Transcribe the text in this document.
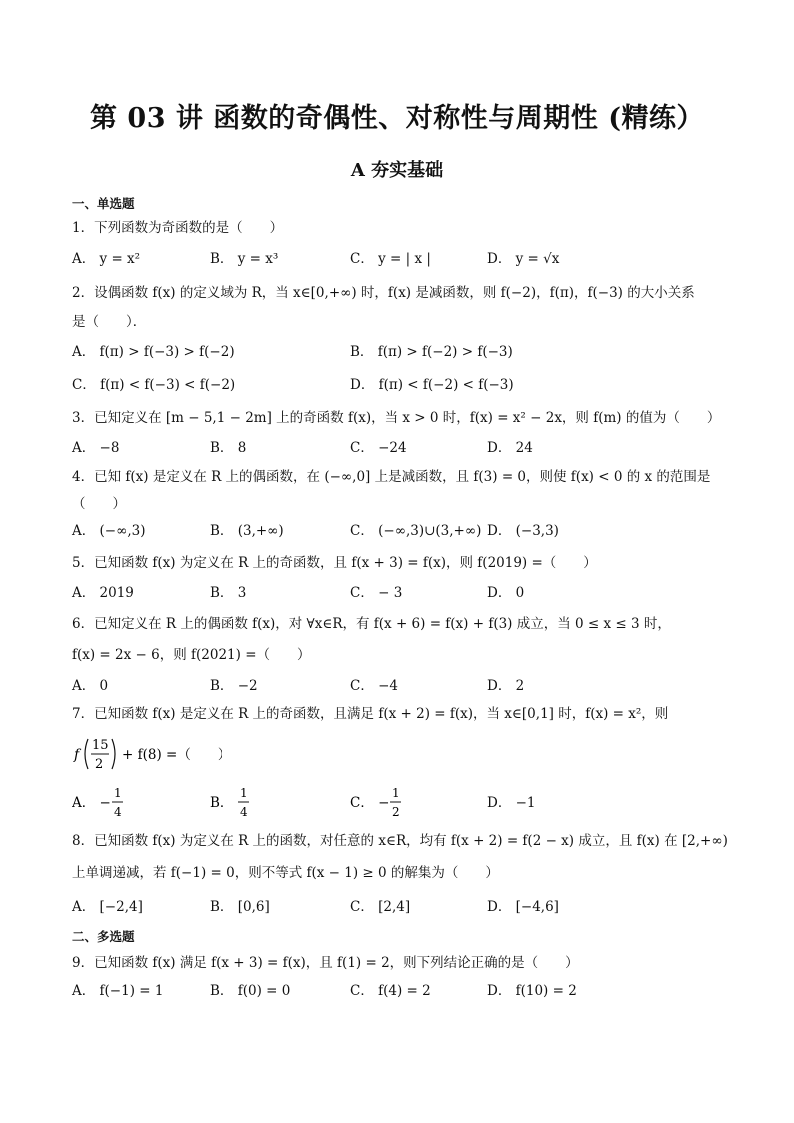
第 03 讲 函数的奇偶性、对称性与周期性 (精练）
A 夯实基础
一、单选题
1．下列函数为奇函数的是（　　）
A． y = x²	B． y = x³	C． y = | x |	D． y = √x
2．设偶函数 f(x) 的定义域为 R，当 x∈[0,+∞) 时，f(x) 是减函数，则 f(−2)，f(π)，f(−3) 的大小关系
是（　　）．
A． f(π) > f(−3) > f(−2)	B． f(π) > f(−2) > f(−3)
C． f(π) < f(−3) < f(−2)	D． f(π) < f(−2) < f(−3)
3．已知定义在 [m − 5,1 − 2m] 上的奇函数 f(x)，当 x > 0 时，f(x) = x² − 2x，则 f(m) 的值为（　　）
A． −8	B． 8	C． −24	D． 24
4．已知 f(x) 是定义在 R 上的偶函数，在 (−∞,0] 上是减函数，且 f(3) = 0，则使 f(x) < 0 的 x 的范围是
（　　）
A． (−∞,3)	B． (3,+∞)	C． (−∞,3)∪(3,+∞) D． (−3,3)
5．已知函数 f(x) 为定义在 R 上的奇函数，且 f(x + 3) = f(x)，则 f(2019) =（　　）
A． 2019	B． 3	C． − 3	D． 0
6．已知定义在 R 上的偶函数 f(x)，对 ∀x∈R，有 f(x + 6) = f(x) + f(3) 成立，当 0 ≤ x ≤ 3 时，
f(x) = 2x − 6，则 f(2021) =（　　）
A． 0	B． −2	C． −4	D． 2
7．已知函数 f(x) 是定义在 R 上的奇函数，且满足 f(x + 2) = f(x)，当 x∈[0,1] 时，f(x) = x²，则
f
15
2
+ f(8) =（　　）
A． −
1
4
B．
1
4
C． −
1
2
D． −1
8．已知函数 f(x) 为定义在 R 上的函数，对任意的 x∈R，均有 f(x + 2) = f(2 − x) 成立，且 f(x) 在 [2,+∞)
上单调递减，若 f(−1) = 0，则不等式 f(x − 1) ≥ 0 的解集为（　　）
A． [−2,4]	B． [0,6]	C． [2,4]	D． [−4,6]
二、多选题
9．已知函数 f(x) 满足 f(x + 3) = f(x)，且 f(1) = 2，则下列结论正确的是（　　）
A． f(−1) = 1	B． f(0) = 0	C． f(4) = 2	D． f(10) = 2
